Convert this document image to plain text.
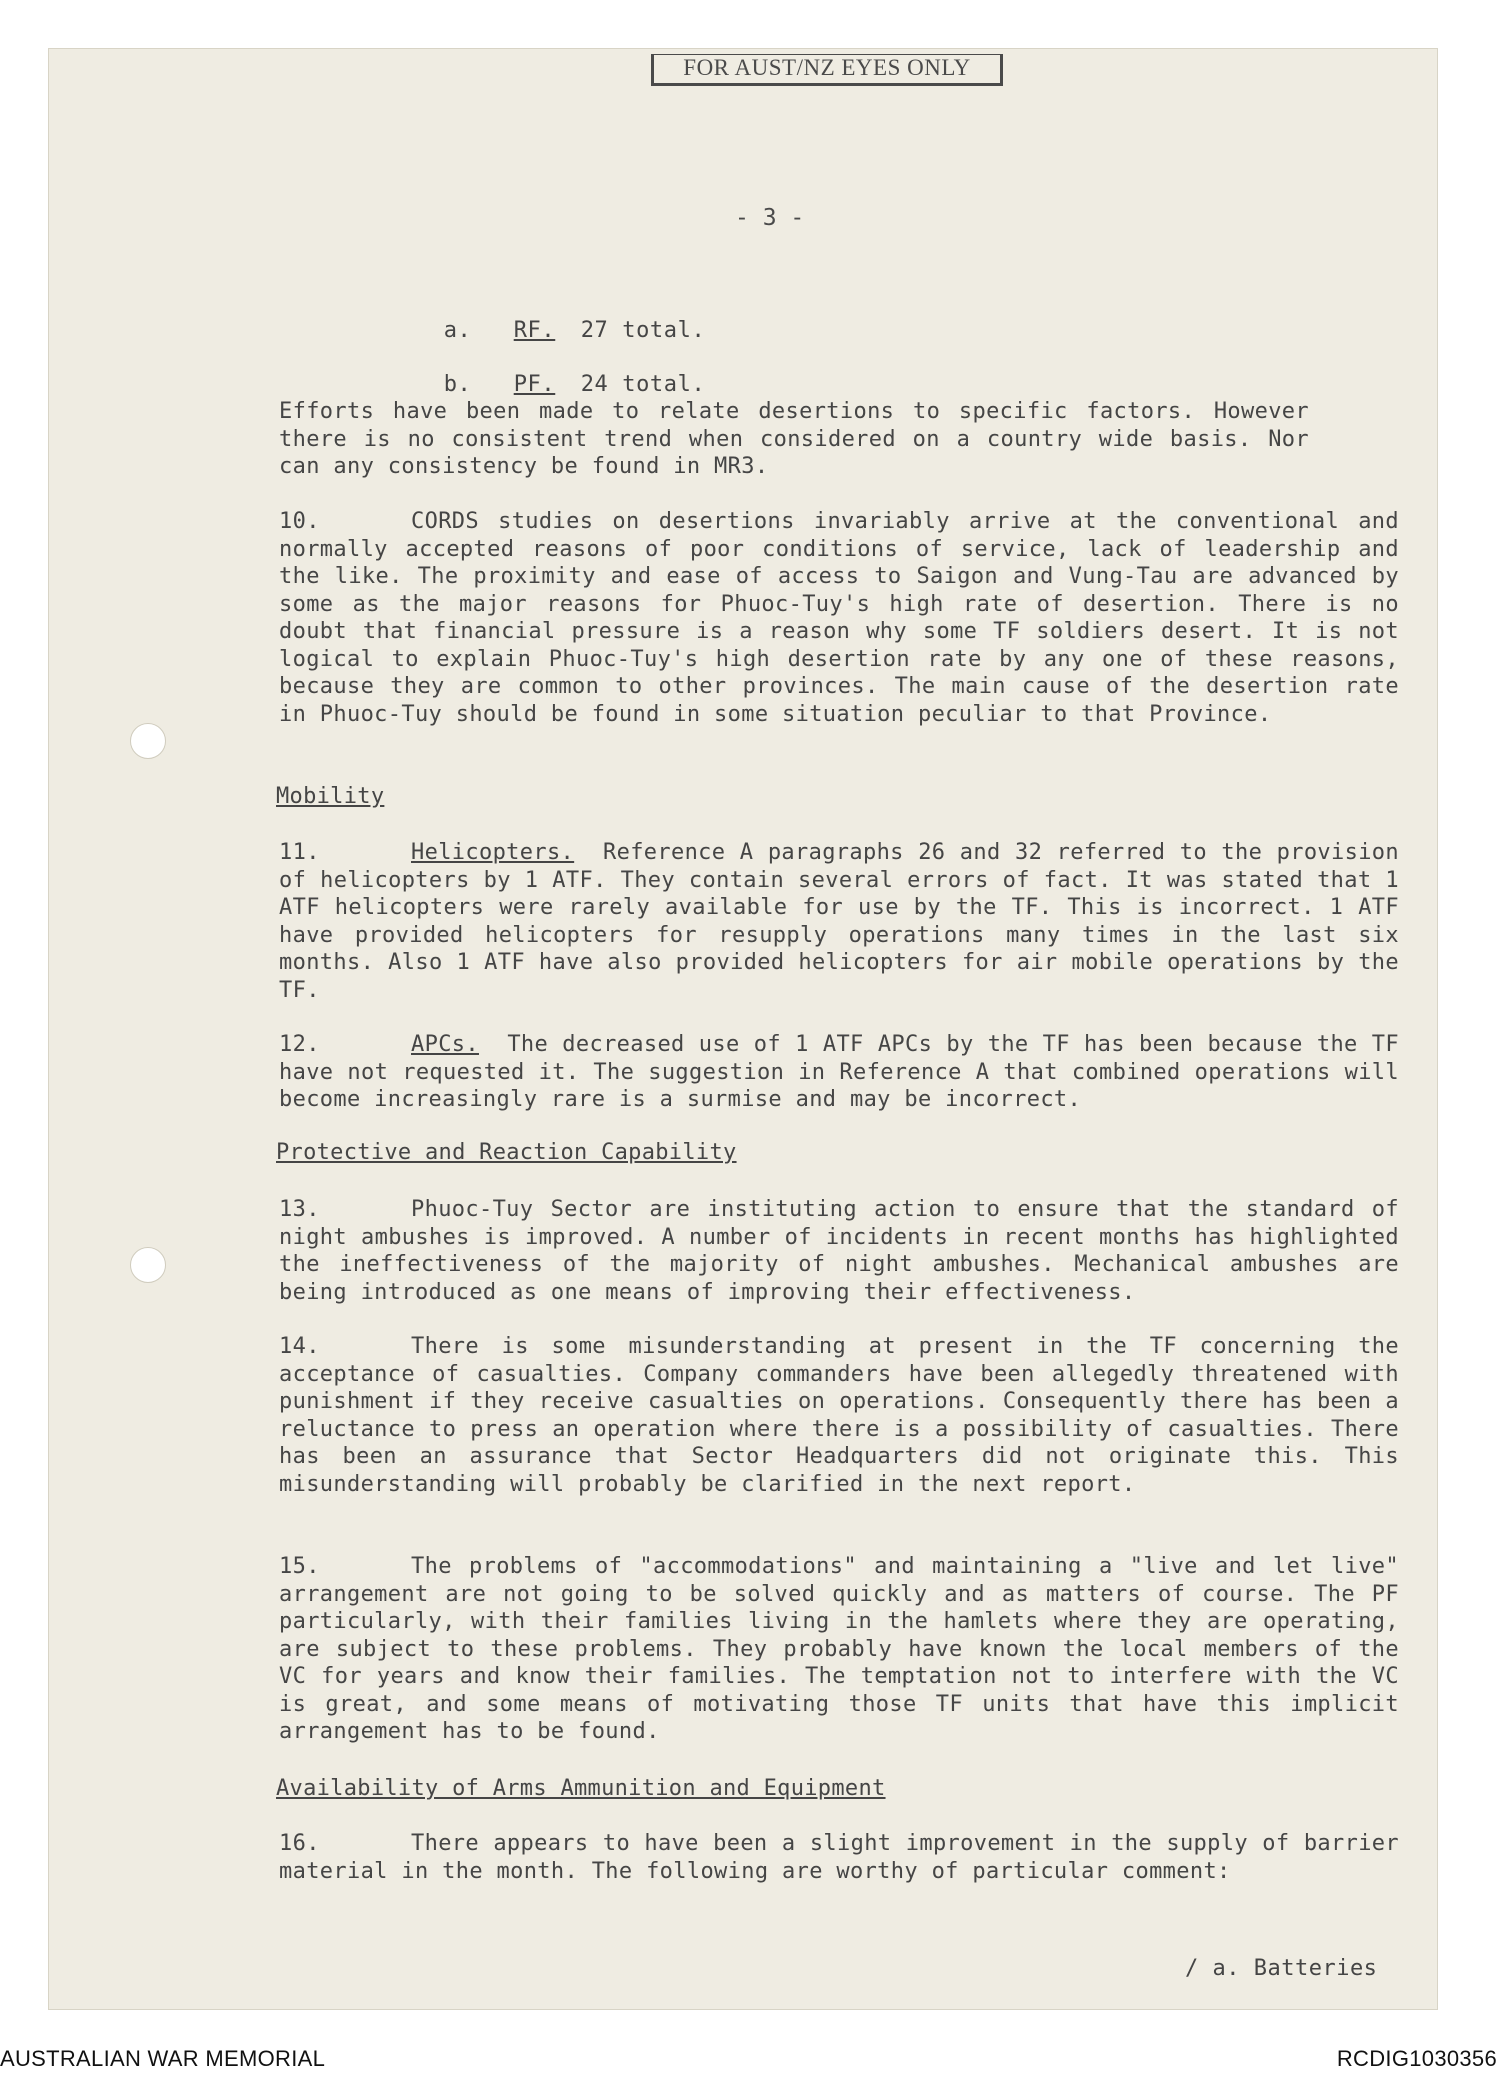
FOR AUST/NZ EYES ONLY
- 3 -

a. RF. 27 total.

b. PF. 24 total.

Efforts have been made to relate desertions to specific factors. However there is no consistent trend when considered on a country wide basis. Nor can any consistency be found in MR3.
10.	CORDS studies on desertions invariably arrive at the conventional and normally accepted reasons of poor conditions of service, lack of leadership and the like. The proximity and ease of access to Saigon and Vung-Tau are advanced by some as the major reasons for Phuoc-Tuy's high rate of desertion. There is no doubt that financial pressure is a reason why some TF soldiers desert. It is not logical to explain Phuoc-Tuy's high desertion rate by any one of these reasons, because they are common to other provinces. The main cause of the desertion rate in Phuoc-Tuy should be found in some situation peculiar to that Province.
Mobility
11.	Helicopters. Reference A paragraphs 26 and 32 referred to the provision of helicopters by 1 ATF. They contain several errors of fact. It was stated that 1 ATF helicopters were rarely available for use by the TF. This is incorrect. 1 ATF have provided helicopters for resupply operations many times in the last six months. Also 1 ATF have also provided helicopters for air mobile operations by the TF.
12.	APCs. The decreased use of 1 ATF APCs by the TF has been because the TF have not requested it. The suggestion in Reference A that combined operations will become increasingly rare is a surmise and may be incorrect.
Protective and Reaction Capability
13.	Phuoc-Tuy Sector are instituting action to ensure that the standard of night ambushes is improved. A number of incidents in recent months has highlighted the ineffectiveness of the majority of night ambushes. Mechanical ambushes are being introduced as one means of improving their effectiveness.
14.	There is some misunderstanding at present in the TF concerning the acceptance of casualties. Company commanders have been allegedly threatened with punishment if they receive casualties on operations. Consequently there has been a reluctance to press an operation where there is a possibility of casualties. There has been an assurance that Sector Headquarters did not originate this. This misunderstanding will probably be clarified in the next report.
15.	The problems of "accommodations" and maintaining a "live and let live" arrangement are not going to be solved quickly and as matters of course. The PF particularly, with their families living in the hamlets where they are operating, are subject to these problems. They probably have known the local members of the VC for years and know their families. The temptation not to interfere with the VC is great, and some means of motivating those TF units that have this implicit arrangement has to be found.
Availability of Arms Ammunition and Equipment
16.	There appears to have been a slight improvement in the supply of barrier material in the month. The following are worthy of particular comment:
/ a. Batteries
AUSTRALIAN WAR MEMORIAL	RCDIG1030356
